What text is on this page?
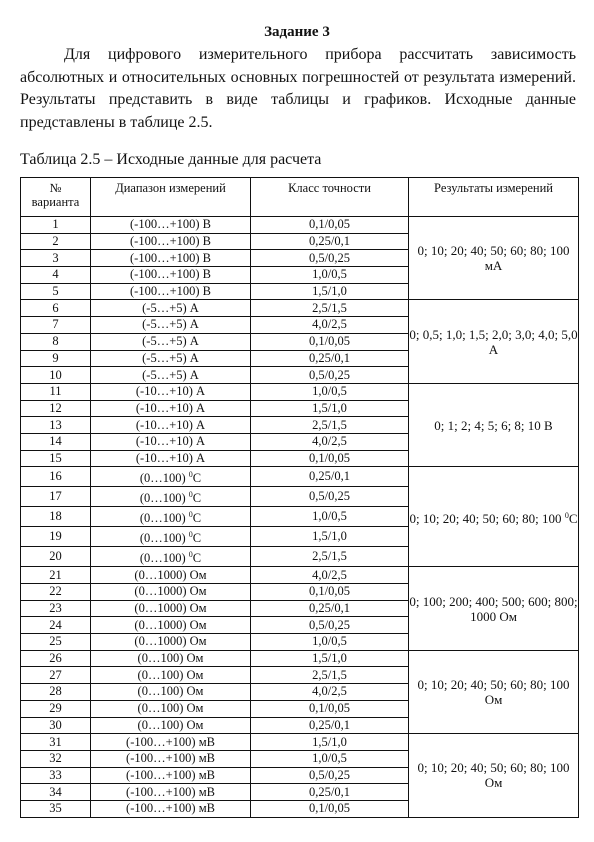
Задание 3

Для цифрового измерительного прибора рассчитать зависимость абсолютных и относительных основных погрешностей от результата измерений. Результаты представить в виде таблицы и графиков. Исходные данные представлены в таблице 2.5.

Таблица 2.5 – Исходные данные для расчета
№
варианта	Диапазон измерений	Класс точности	Результаты измерений
1	(-100…+100) В	0,1/0,05	0; 10; 20; 40; 50; 60; 80; 100 мА
2	(-100…+100) В	0,25/0,1	
3	(-100…+100) В	0,5/0,25	
4	(-100…+100) В	1,0/0,5	
5	(-100…+100) В	1,5/1,0	
6	(-5…+5) А	2,5/1,5	0; 0,5; 1,0; 1,5; 2,0; 3,0; 4,0; 5,0 А
7	(-5…+5) А	4,0/2,5	
8	(-5…+5) А	0,1/0,05	
9	(-5…+5) А	0,25/0,1	
10	(-5…+5) А	0,5/0,25	
11	(-10…+10) А	1,0/0,5	0; 1; 2; 4; 5; 6; 8; 10 В
12	(-10…+10) А	1,5/1,0	
13	(-10…+10) А	2,5/1,5	
14	(-10…+10) А	4,0/2,5	
15	(-10…+10) А	0,1/0,05	
16	(0…100) $^0$C	0,25/0,1	0; 10; 20; 40; 50; 60; 80; 100 $^0$C
17	(0…100) $^0$C	0,5/0,25	
18	(0…100) $^0$C	1,0/0,5	
19	(0…100) $^0$C	1,5/1,0	
20	(0…100) $^0$C	2,5/1,5	
21	(0…1000) Ом	4,0/2,5	0; 100; 200; 400; 500; 600; 800; 1000 Ом
22	(0…1000) Ом	0,1/0,05	
23	(0…1000) Ом	0,25/0,1	
24	(0…1000) Ом	0,5/0,25	
25	(0…1000) Ом	1,0/0,5	
26	(0…100) Ом	1,5/1,0	0; 10; 20; 40; 50; 60; 80; 100 Ом
27	(0…100) Ом	2,5/1,5	
28	(0…100) Ом	4,0/2,5	
29	(0…100) Ом	0,1/0,05	
30	(0…100) Ом	0,25/0,1	
31	(-100…+100) мВ	1,5/1,0	0; 10; 20; 40; 50; 60; 80; 100 Ом
32	(-100…+100) мВ	1,0/0,5	
33	(-100…+100) мВ	0,5/0,25	
34	(-100…+100) мВ	0,25/0,1	
35	(-100…+100) мВ	0,1/0,05	
